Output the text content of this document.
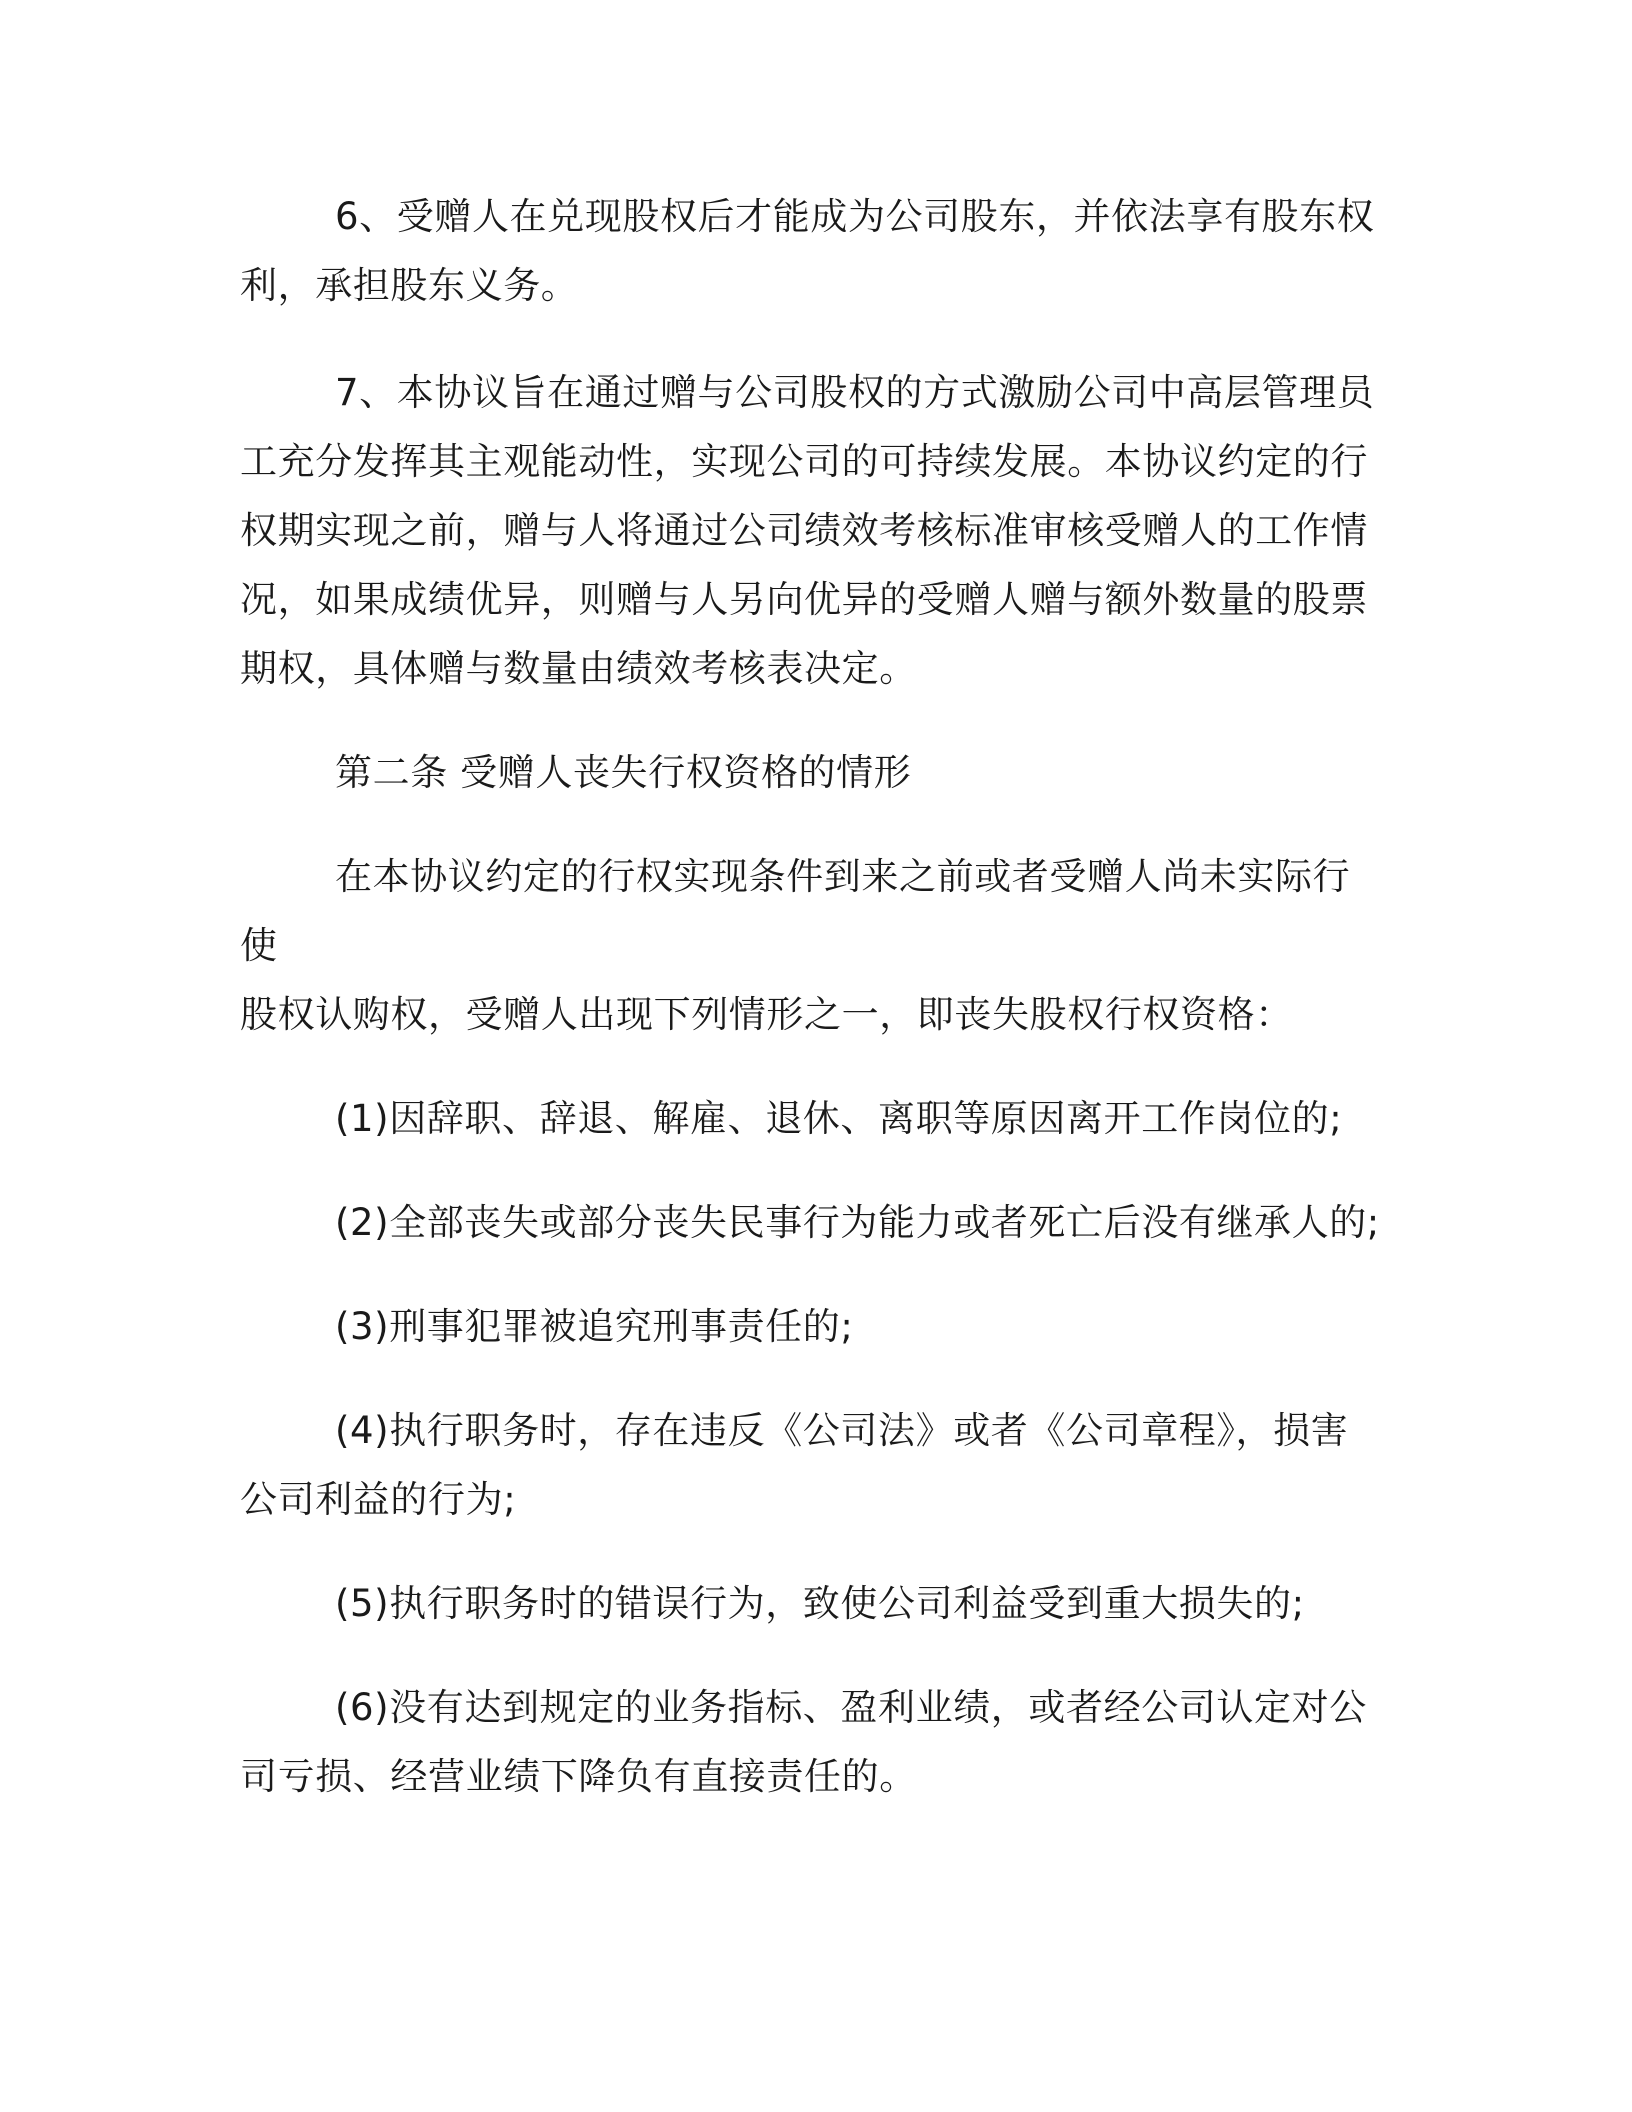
6、受赠人在兑现股权后才能成为公司股东，并依法享有股东权
利，承担股东义务。

7、本协议旨在通过赠与公司股权的方式激励公司中高层管理员
工充分发挥其主观能动性，实现公司的可持续发展。本协议约定的行
权期实现之前，赠与人将通过公司绩效考核标准审核受赠人的工作情
况，如果成绩优异，则赠与人另向优异的受赠人赠与额外数量的股票
期权，具体赠与数量由绩效考核表决定。

第二条 受赠人丧失行权资格的情形

在本协议约定的行权实现条件到来之前或者受赠人尚未实际行使
股权认购权，受赠人出现下列情形之一，即丧失股权行权资格：

(1)因辞职、辞退、解雇、退休、离职等原因离开工作岗位的;

(2)全部丧失或部分丧失民事行为能力或者死亡后没有继承人的;

(3)刑事犯罪被追究刑事责任的;

(4)执行职务时，存在违反《公司法》或者《公司章程》，损害
公司利益的行为;

(5)执行职务时的错误行为，致使公司利益受到重大损失的;

(6)没有达到规定的业务指标、盈利业绩，或者经公司认定对公
司亏损、经营业绩下降负有直接责任的。
